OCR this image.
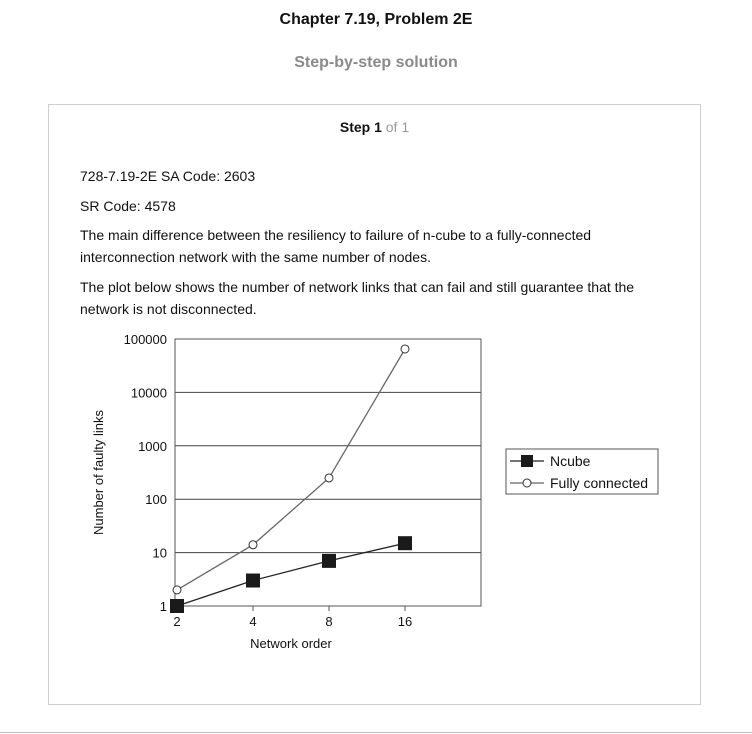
Chapter 7.19, Problem 2E
Step-by-step solution
Step 1 of 1
728-7.19-2E SA Code: 2603
SR Code: 4578
The main difference between the resiliency to failure of n-cube to a fully-connected interconnection network with the same number of nodes.
The plot below shows the number of network links that can fail and still guarantee that the network is not disconnected.
1
10
100
1000
10000
100000
2	4	8	16
Number of faulty links
Network order
Ncube
Fully connected
